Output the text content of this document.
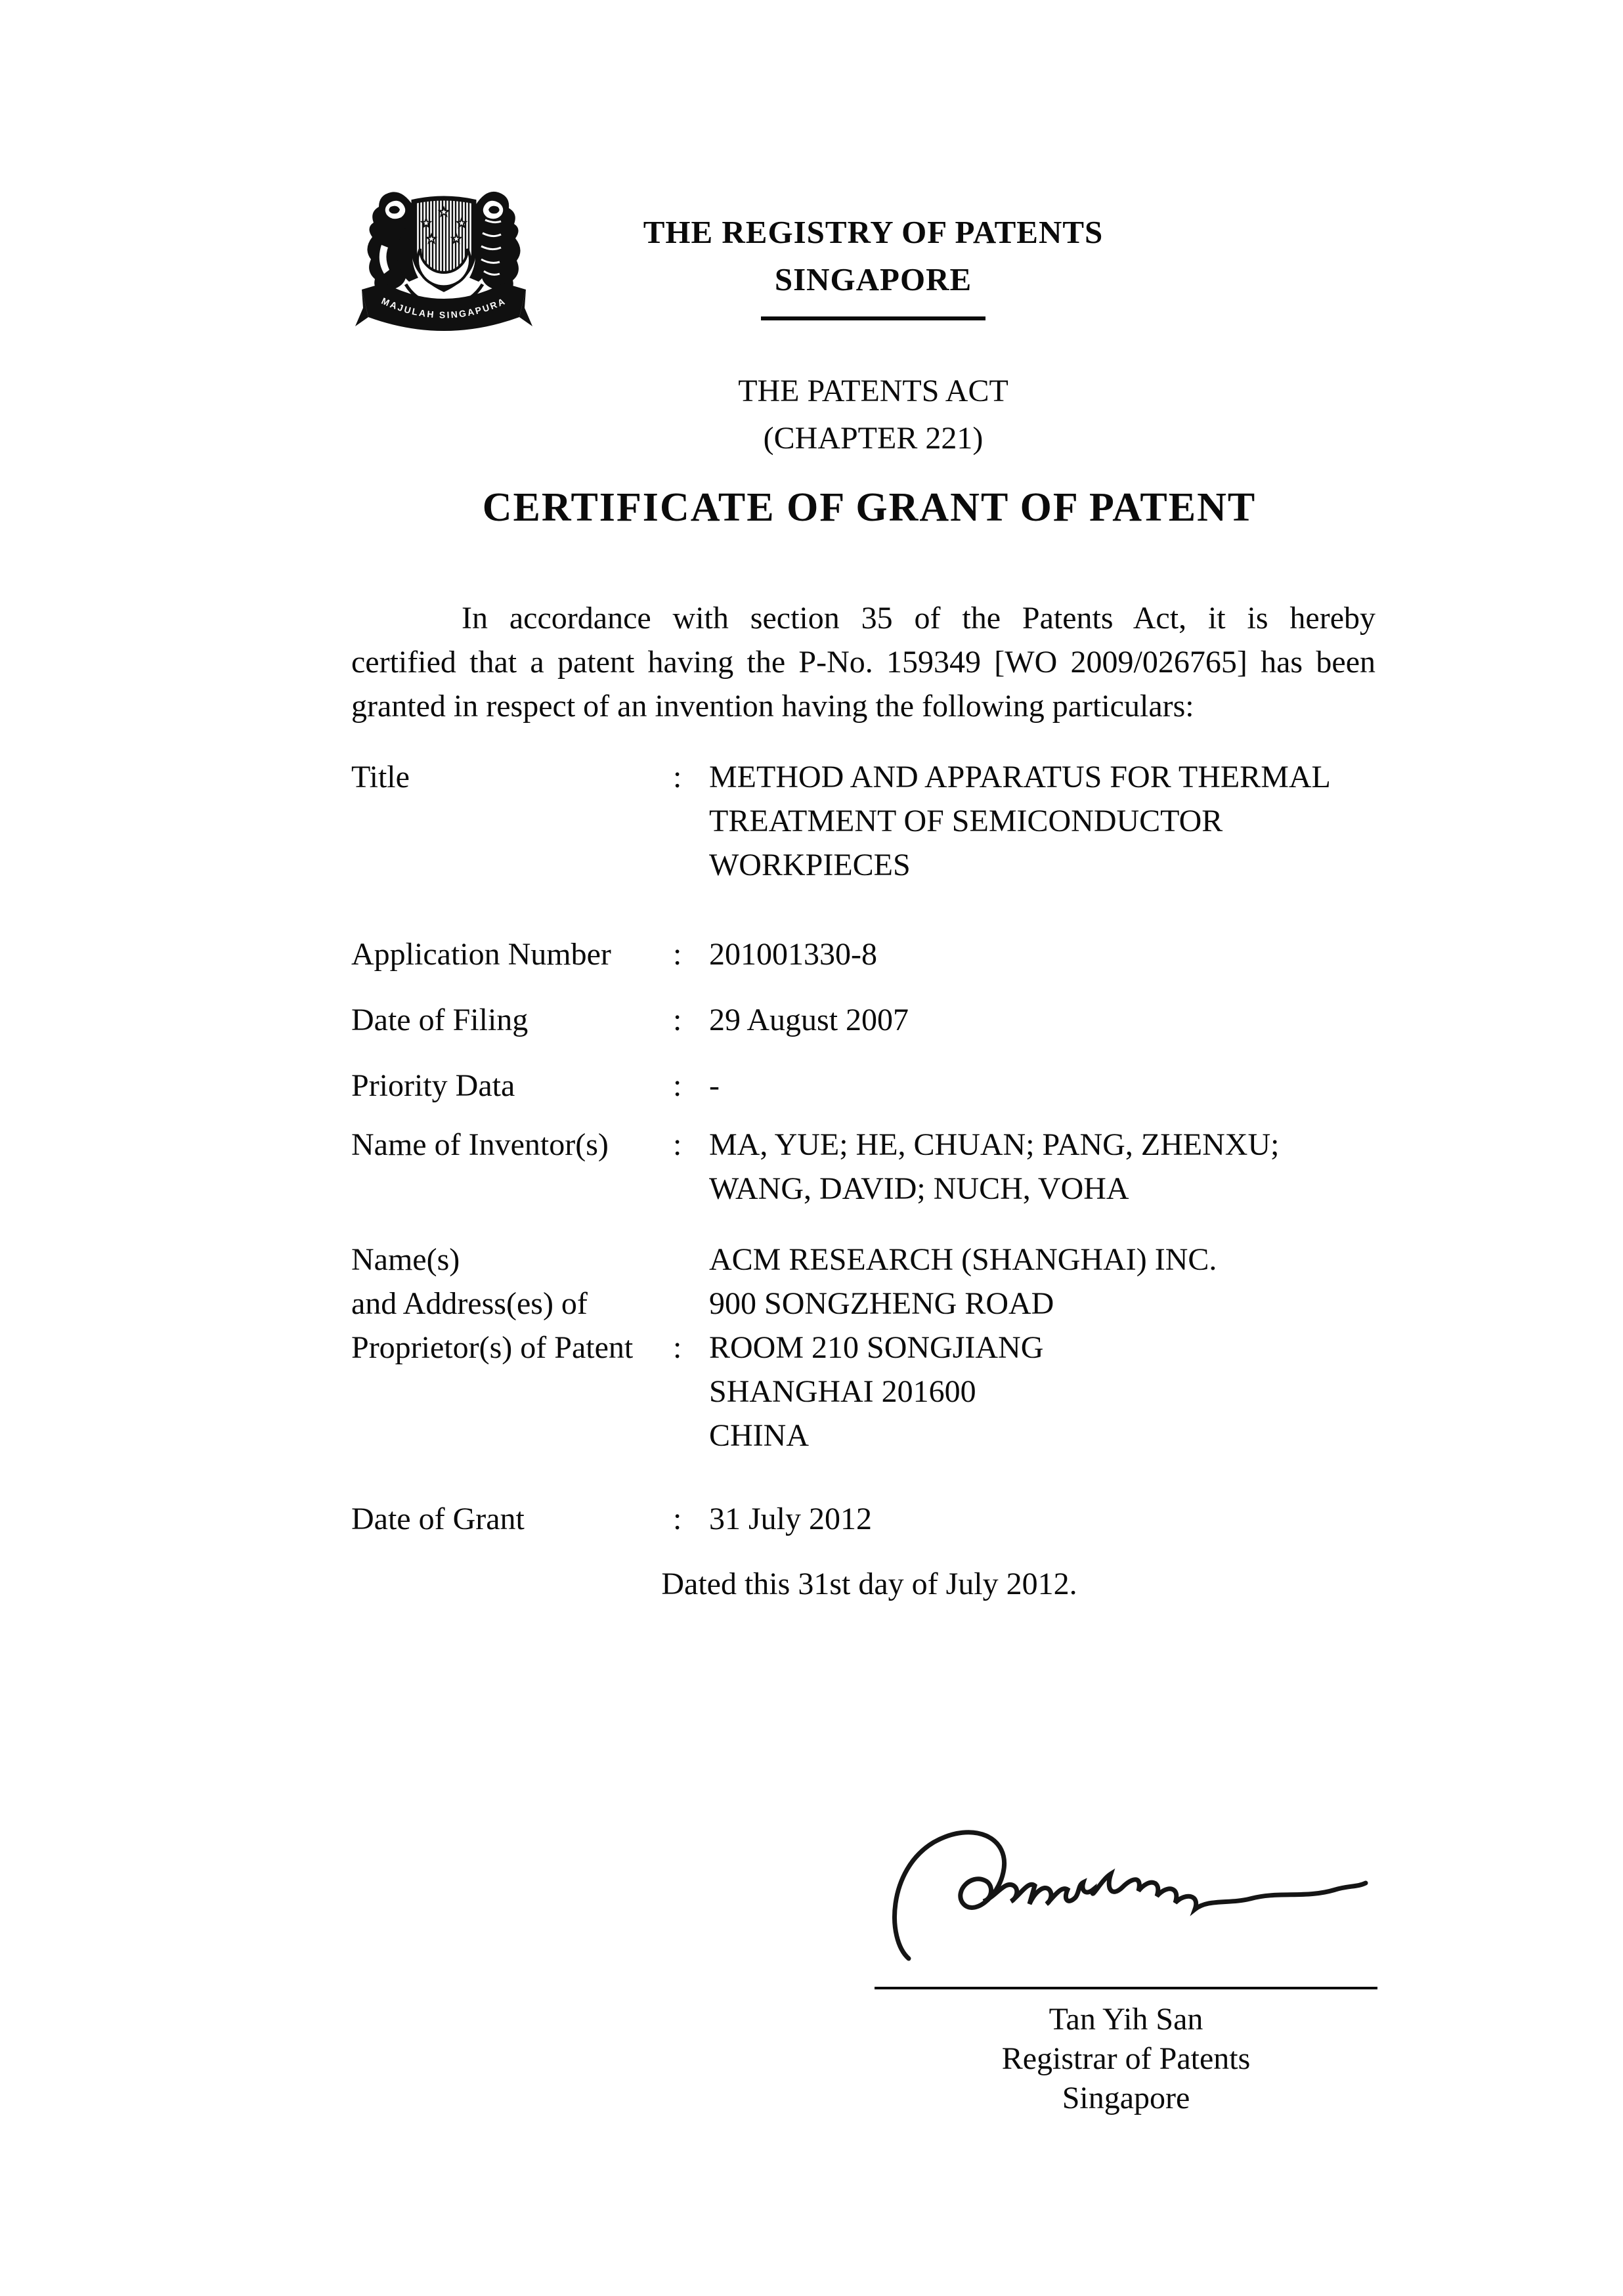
MAJULAH SINGAPURA
THE REGISTRY OF PATENTS
SINGAPORE
THE PATENTS ACT
(CHAPTER 221)
CERTIFICATE OF GRANT OF PATENT
In accordance with section 35 of the Patents Act, it is hereby
certified that a patent having the P-No. 159349 [WO 2009/026765] has been
granted in respect of an invention having the following particulars:
Title	: METHOD AND APPARATUS FOR THERMAL
TREATMENT OF SEMICONDUCTOR
WORKPIECES
Application Number	: 201001330-8
Date of Filing	: 29 August 2007
Priority Data	: -
Name of Inventor(s)	: MA, YUE; HE, CHUAN; PANG, ZHENXU;
WANG, DAVID; NUCH, VOHA
Name(s)
and Address(es) of
Proprietor(s) of Patent	:
ACM RESEARCH (SHANGHAI) INC.
900 SONGZHENG ROAD
ROOM 210 SONGJIANG
SHANGHAI 201600
CHINA
Date of Grant	: 31 July 2012
Dated this 31st day of July 2012.
Tan Yih San
Registrar of Patents
Singapore
